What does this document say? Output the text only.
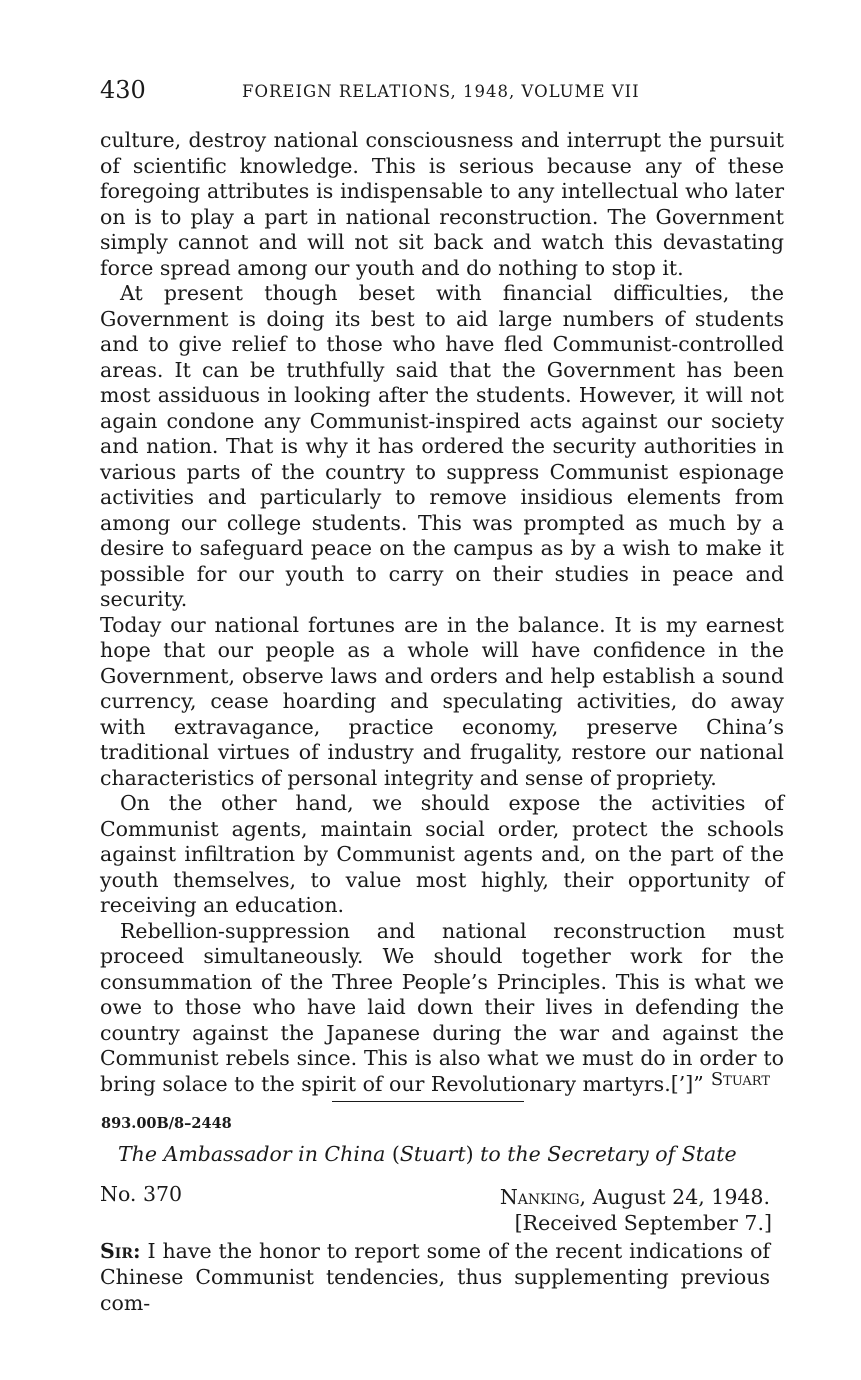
430	FOREIGN RELATIONS, 1948, VOLUME VII

culture, destroy national consciousness and interrupt the pursuit of scientific knowledge. This is serious because any of these foregoing attributes is indispensable to any intellectual who later on is to play a part in national reconstruction. The Government simply cannot and will not sit back and watch this devastating force spread among our youth and do nothing to stop it.

At present though beset with financial difficulties, the Government is doing its best to aid large numbers of students and to give relief to those who have fled Communist-controlled areas. It can be truthfully said that the Government has been most assiduous in looking after the students. However, it will not again condone any Communist-inspired acts against our society and nation. That is why it has ordered the security authorities in various parts of the country to suppress Communist espionage activities and particularly to remove insidious elements from among our college students. This was prompted as much by a desire to safeguard peace on the campus as by a wish to make it possible for our youth to carry on their studies in peace and security.

Today our national fortunes are in the balance. It is my earnest hope that our people as a whole will have confidence in the Government, observe laws and orders and help establish a sound currency, cease hoarding and speculating activities, do away with extravagance, practice economy, preserve China’s traditional virtues of industry and frugality, restore our national characteristics of personal integrity and sense of propriety.

On the other hand, we should expose the activities of Communist agents, maintain social order, protect the schools against infiltration by Communist agents and, on the part of the youth themselves, to value most highly, their opportunity of receiving an education.

Rebellion-suppression and national reconstruction must proceed simultaneously. We should together work for the consummation of the Three People’s Principles. This is what we owe to those who have laid down their lives in defending the country against the Japanese during the war and against the Communist rebels since. This is also what we must do in order to bring solace to the spirit of our Revolutionary martyrs.[’]” Stuart
893.00B/8–2448
The Ambassador in China (Stuart) to the Secretary of State
No. 370	Nanking, August 24, 1948.
[Received September 7.]
Sir: I have the honor to report some of the recent indications of Chinese Communist tendencies, thus supplementing previous com-
